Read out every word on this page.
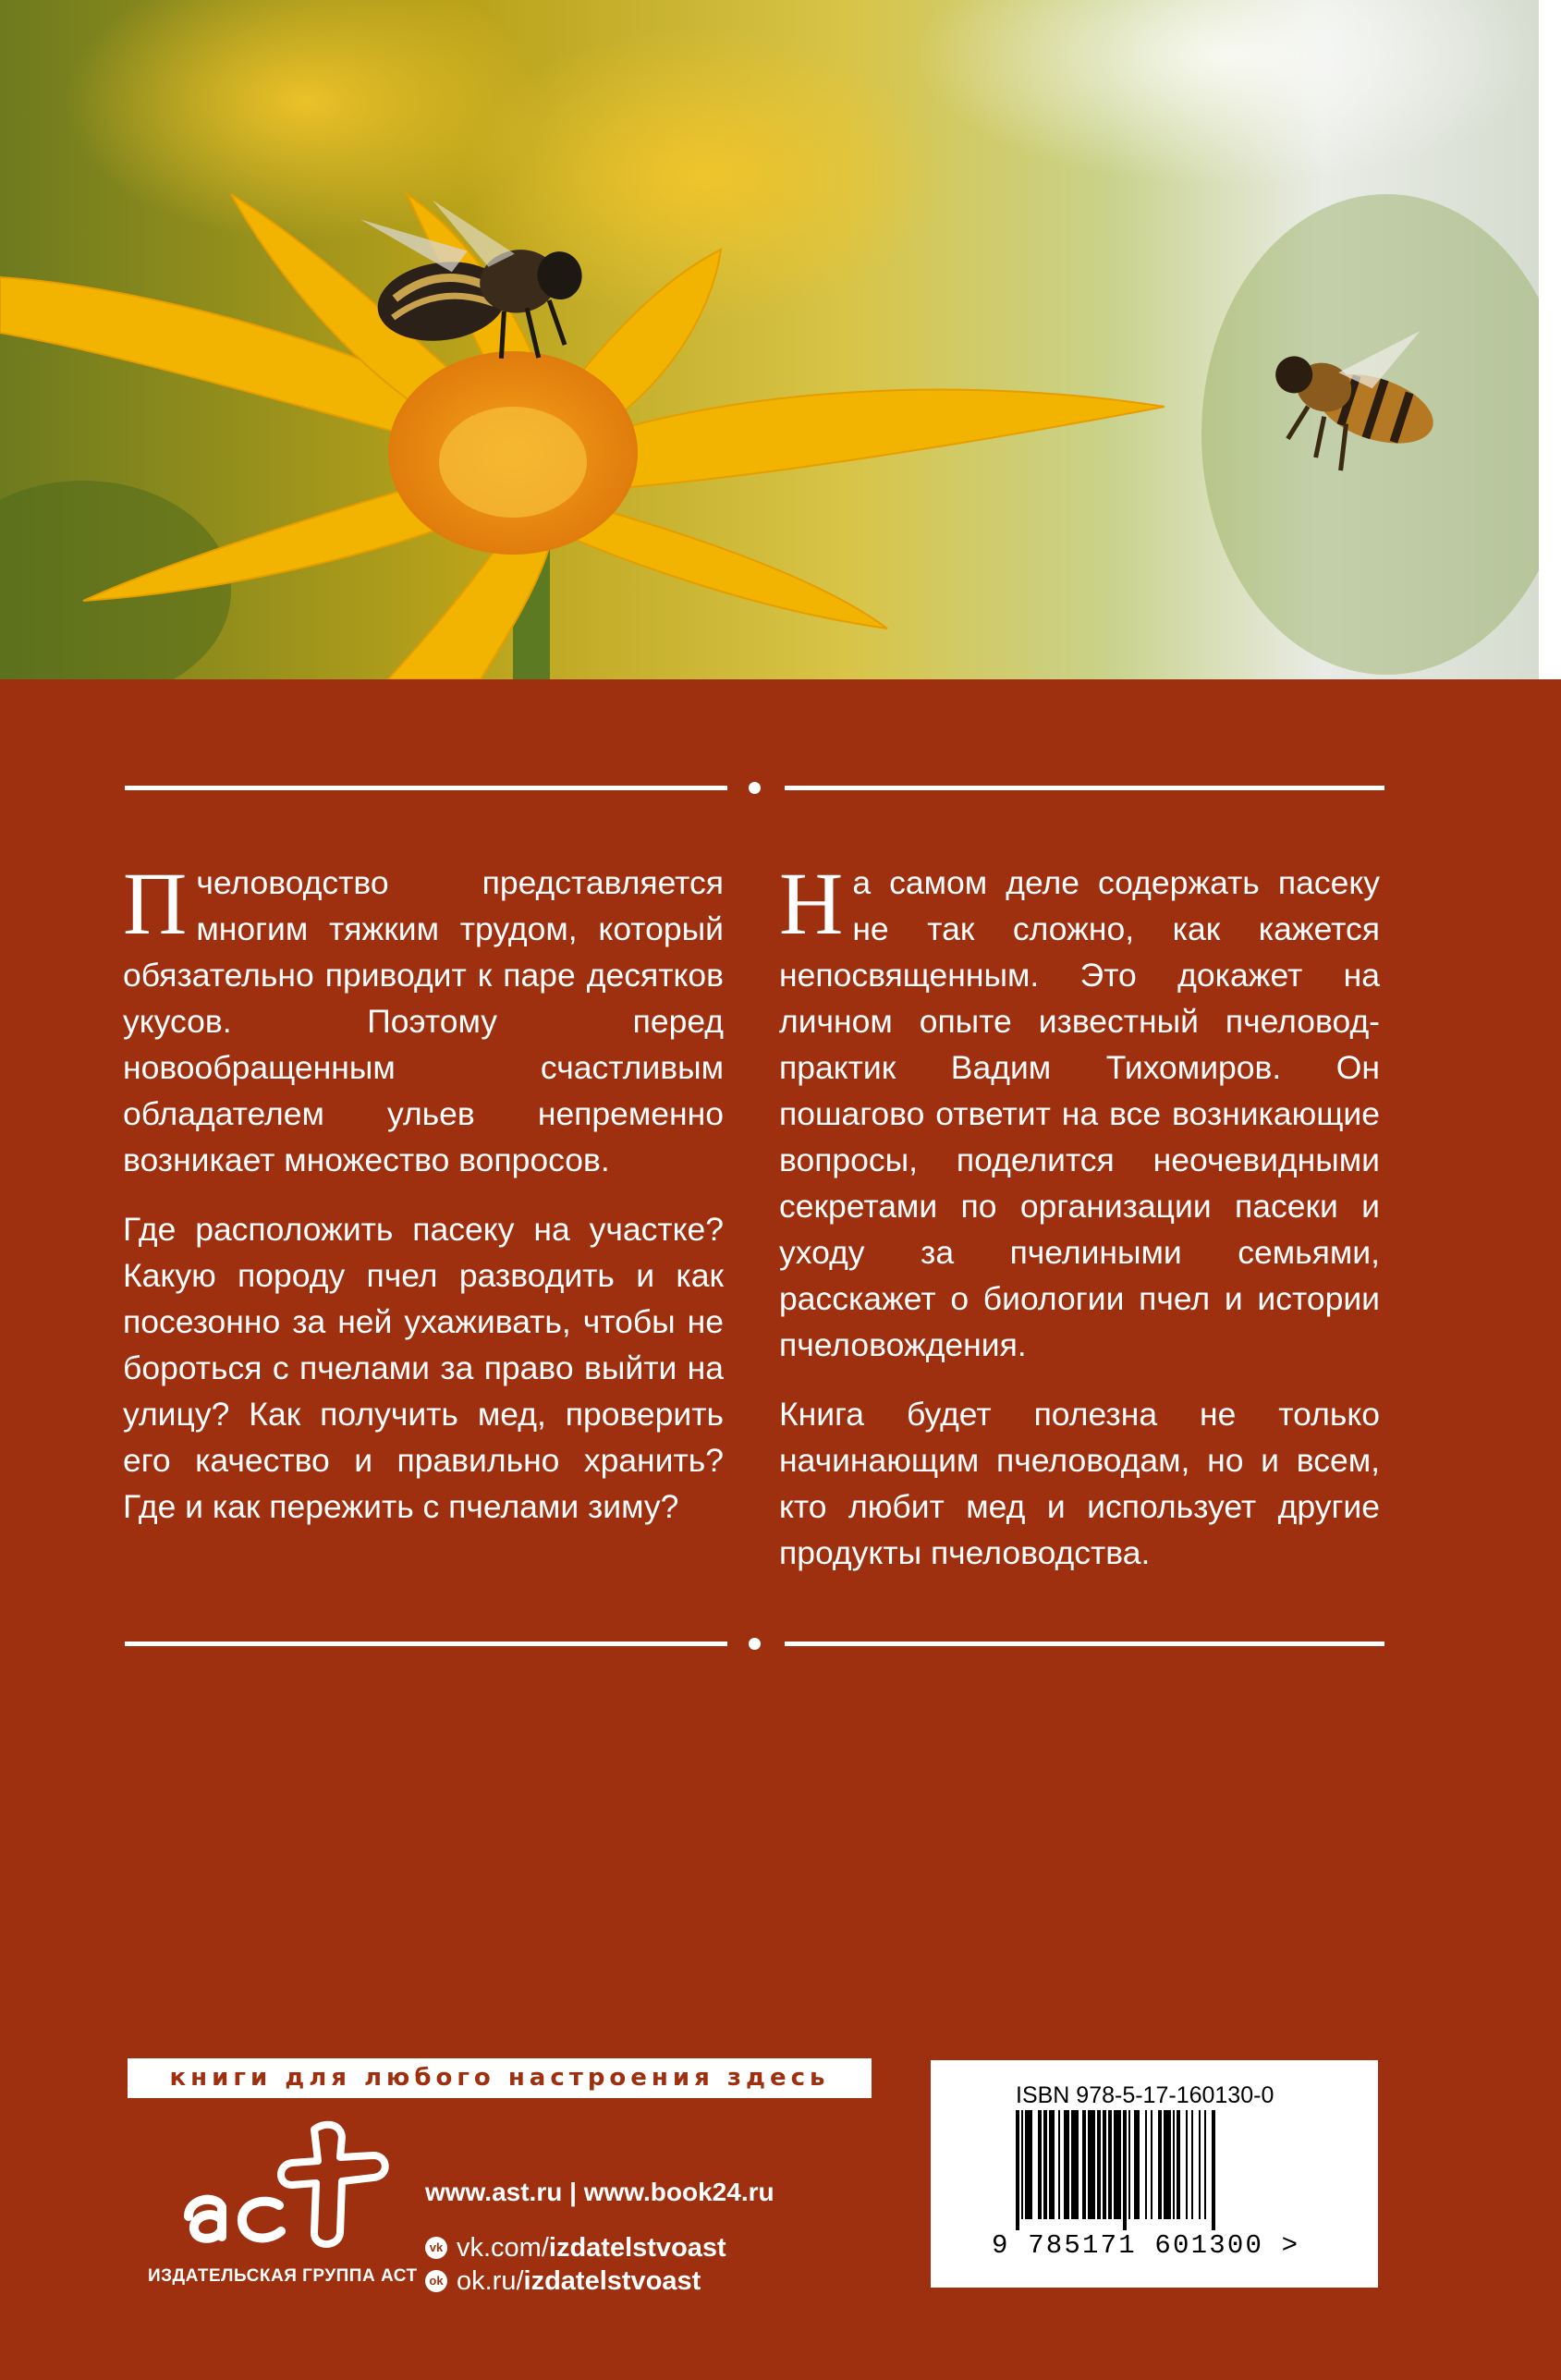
Пчеловодство представляется многим тяжким трудом, который обязательно приводит к паре десятков укусов. Поэтому перед новообращенным счастливым обладателем ульев непременно возникает множество вопросов.

Где расположить пасеку на участке? Какую породу пчел разводить и как посезонно за ней ухаживать, чтобы не бороться с пчелами за право выйти на улицу? Как получить мед, проверить его качество и правильно хранить? Где и как пережить с пчелами зиму?

На самом деле содержать пасеку не так сложно, как кажется непосвященным. Это докажет на личном опыте известный пчеловод-практик Вадим Тихомиров. Он пошагово ответит на все возникающие вопросы, поделится неочевидными секретами по организации пасеки и уходу за пчелиными семьями, расскажет о биологии пчел и истории пчеловождения.

Книга будет полезна не только начинающим пчеловодам, но и всем, кто любит мед и использует другие продукты пчеловодства.

книги для любого настроения здесь
ИЗДАТЕЛЬСКАЯ ГРУППА АСТ
www.ast.ru | www.book24.ru
vk vk.com/ izdatelstvoast
ok ok.ru/ izdatelstvoast
ISBN 978-5-17-160130-0
9 785171 601300 >
